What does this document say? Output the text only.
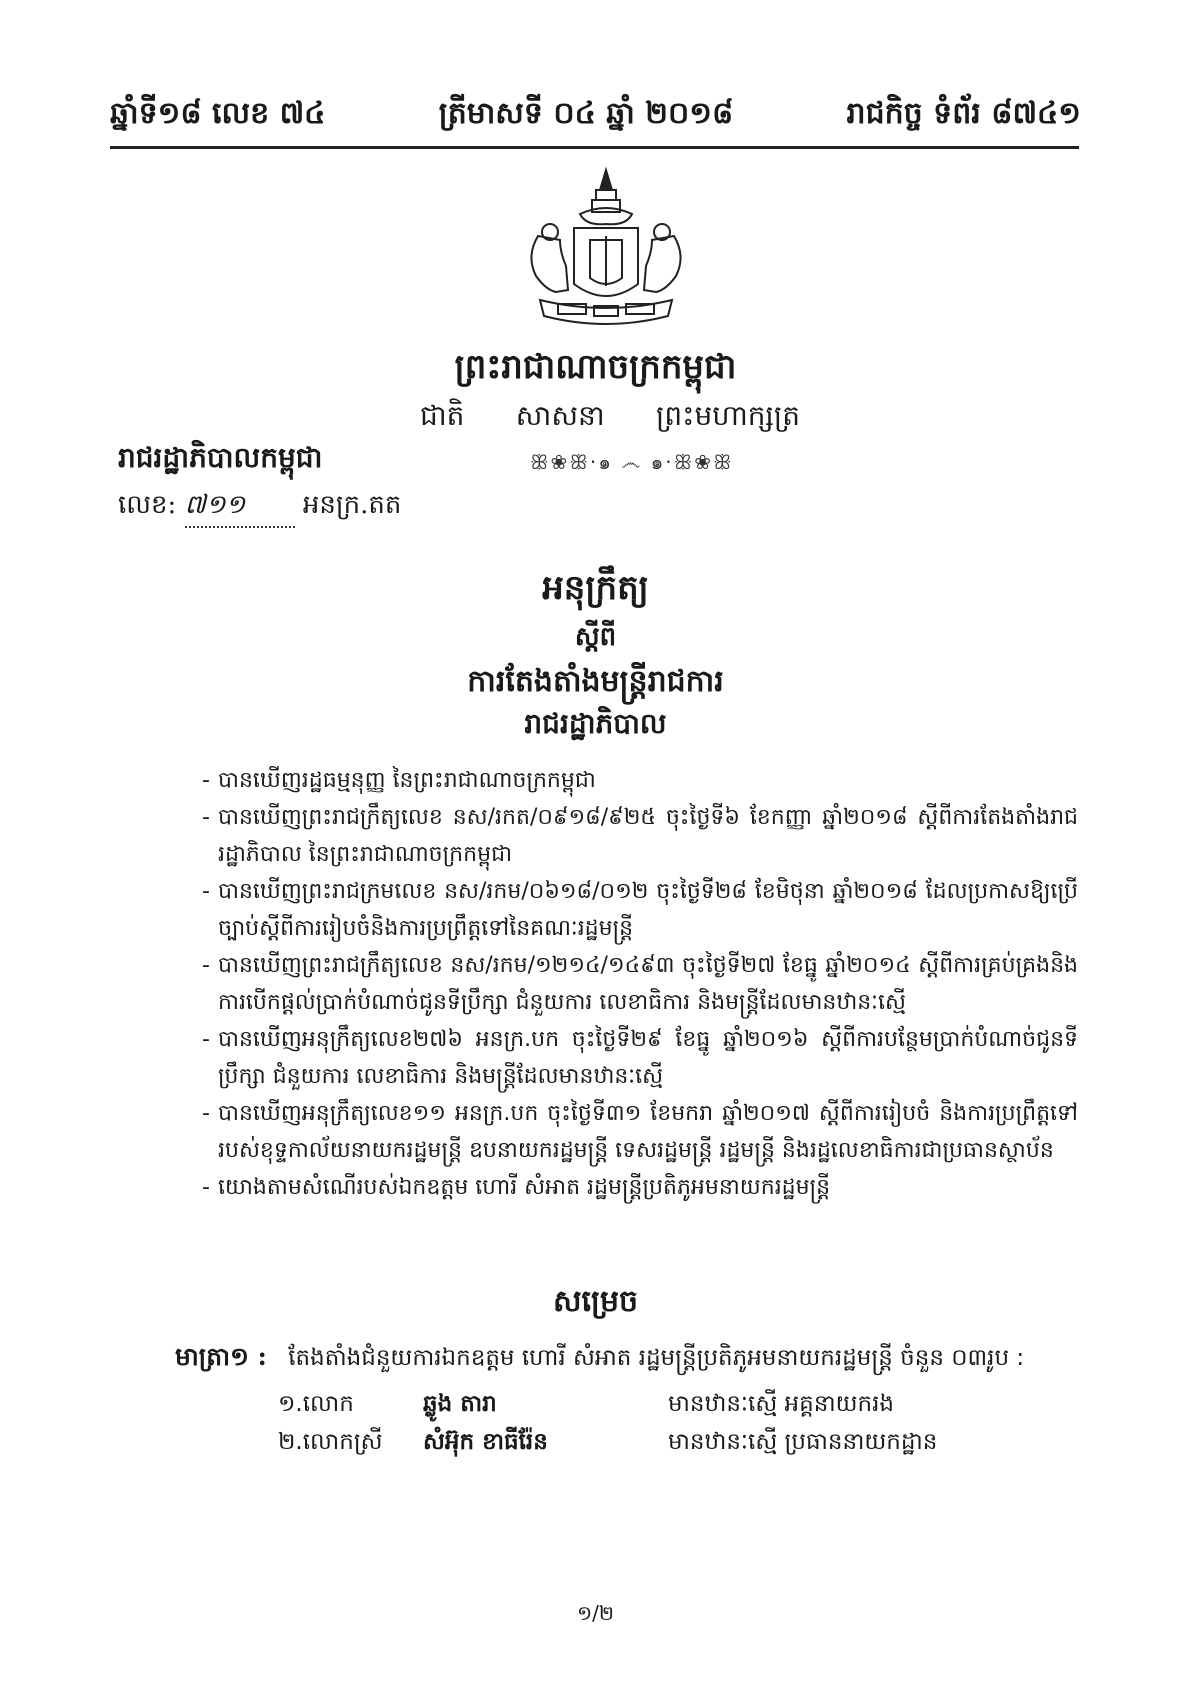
ឆ្នាំទី១៨ លេខ ៧៤	ត្រីមាសទី ០៤ ឆ្នាំ ២០១៨	រាជកិច្ច ទំព័រ ៨៧៤១
ព្រះរាជាណាចក្រកម្ពុជា
ជាតិ សាសនា ព្រះមហាក្សត្រ
ꕥ❀ꕥ·๑ ෴ ๑·ꕥ❀ꕥ
រាជរដ្ឋាភិបាលកម្ពុជា
លេខ: ៧១១ អនក្រ.តត
អនុក្រឹត្យ
ស្តីពី
ការតែងតាំងមន្ត្រីរាជការ
រាជរដ្ឋាភិបាល
- បានឃើញរដ្ឋធម្មនុញ្ញ នៃព្រះរាជាណាចក្រកម្ពុជា
- បានឃើញព្រះរាជក្រឹត្យលេខ នស/រកត/០៩១៨/៩២៥ ចុះថ្ងៃទី៦ ខែកញ្ញា ឆ្នាំ២០១៨ ស្តីពីការតែងតាំងរាជរដ្ឋាភិបាល នៃព្រះរាជាណាចក្រកម្ពុជា
- បានឃើញព្រះរាជក្រមលេខ នស/រកម/០៦១៨/០១២ ចុះថ្ងៃទី២៨ ខែមិថុនា ឆ្នាំ២០១៨ ដែលប្រកាសឱ្យប្រើច្បាប់ស្តីពីការរៀបចំនិងការប្រព្រឹត្តទៅនៃគណៈរដ្ឋមន្ត្រី
- បានឃើញព្រះរាជក្រឹត្យលេខ នស/រកម/១២១៤/១៤៩៣ ចុះថ្ងៃទី២៧ ខែធ្នូ ឆ្នាំ២០១៤ ស្តីពីការគ្រប់គ្រងនិងការបើកផ្តល់ប្រាក់បំណាច់ជូនទីប្រឹក្សា ជំនួយការ លេខាធិការ និងមន្ត្រីដែលមានឋានៈស្មើ
- បានឃើញអនុក្រឹត្យលេខ២៧៦ អនក្រ.បក ចុះថ្ងៃទី២៩ ខែធ្នូ ឆ្នាំ២០១៦ ស្តីពីការបន្ថែមប្រាក់បំណាច់ជូនទីប្រឹក្សា ជំនួយការ លេខាធិការ និងមន្ត្រីដែលមានឋានៈស្មើ
- បានឃើញអនុក្រឹត្យលេខ១១ អនក្រ.បក ចុះថ្ងៃទី៣១ ខែមករា ឆ្នាំ២០១៧ ស្តីពីការរៀបចំ និងការប្រព្រឹត្តទៅរបស់ខុទ្ទកាល័យនាយករដ្ឋមន្ត្រី ឧបនាយករដ្ឋមន្ត្រី ទេសរដ្ឋមន្ត្រី រដ្ឋមន្ត្រី និងរដ្ឋលេខាធិការជាប្រធានស្ថាប័ន
- យោងតាមសំណើរបស់ឯកឧត្តម ហោរី សំអាត រដ្ឋមន្ត្រីប្រតិភូអមនាយករដ្ឋមន្ត្រី
សម្រេច
មាត្រា១ : តែងតាំងជំនួយការឯកឧត្តម ហោរី សំអាត រដ្ឋមន្ត្រីប្រតិភូអមនាយករដ្ឋមន្ត្រី ចំនួន ០៣រូប :
១.លោក	ឆ្លូង តារា	មានឋានៈស្មើ អគ្គនាយករង
២.លោកស្រី	សំអ៊ុក ខាធីរ៉ែន	មានឋានៈស្មើ ប្រធាននាយកដ្ឋាន
១/២
